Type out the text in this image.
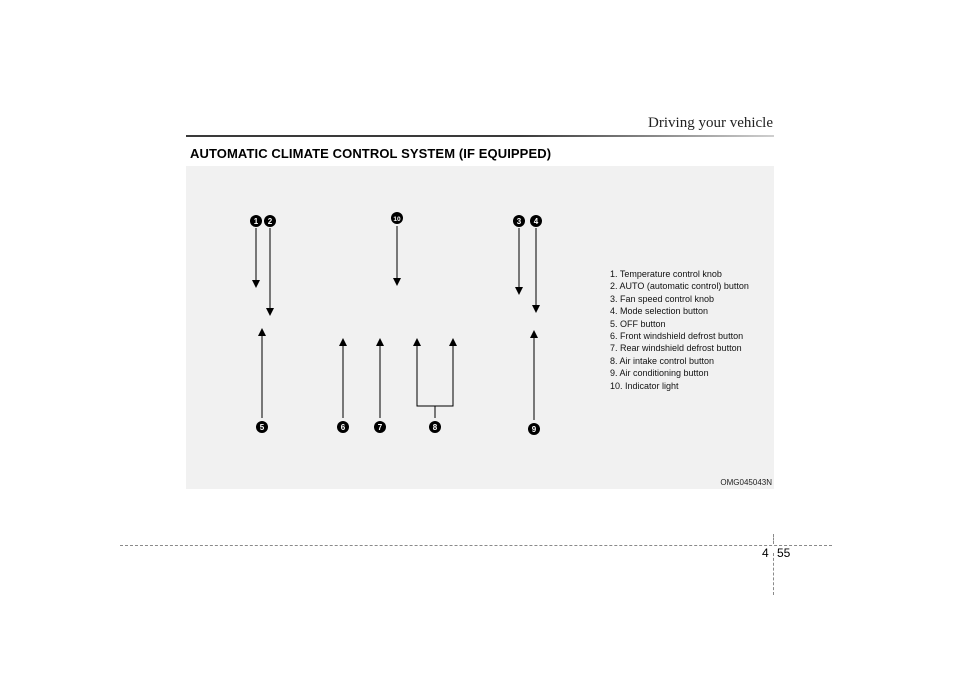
Driving your vehicle
AUTOMATIC CLIMATE CONTROL SYSTEM (IF EQUIPPED)
1 2	10	3 4
5	6	7	8	9
1. Temperature control knob
2. AUTO (automatic control) button
3. Fan speed control knob
4. Mode selection button
5. OFF button
6. Front windshield defrost button
7. Rear windshield defrost button
8. Air intake control button
9. Air conditioning button
10. Indicator light
OMG045043N
4 55
